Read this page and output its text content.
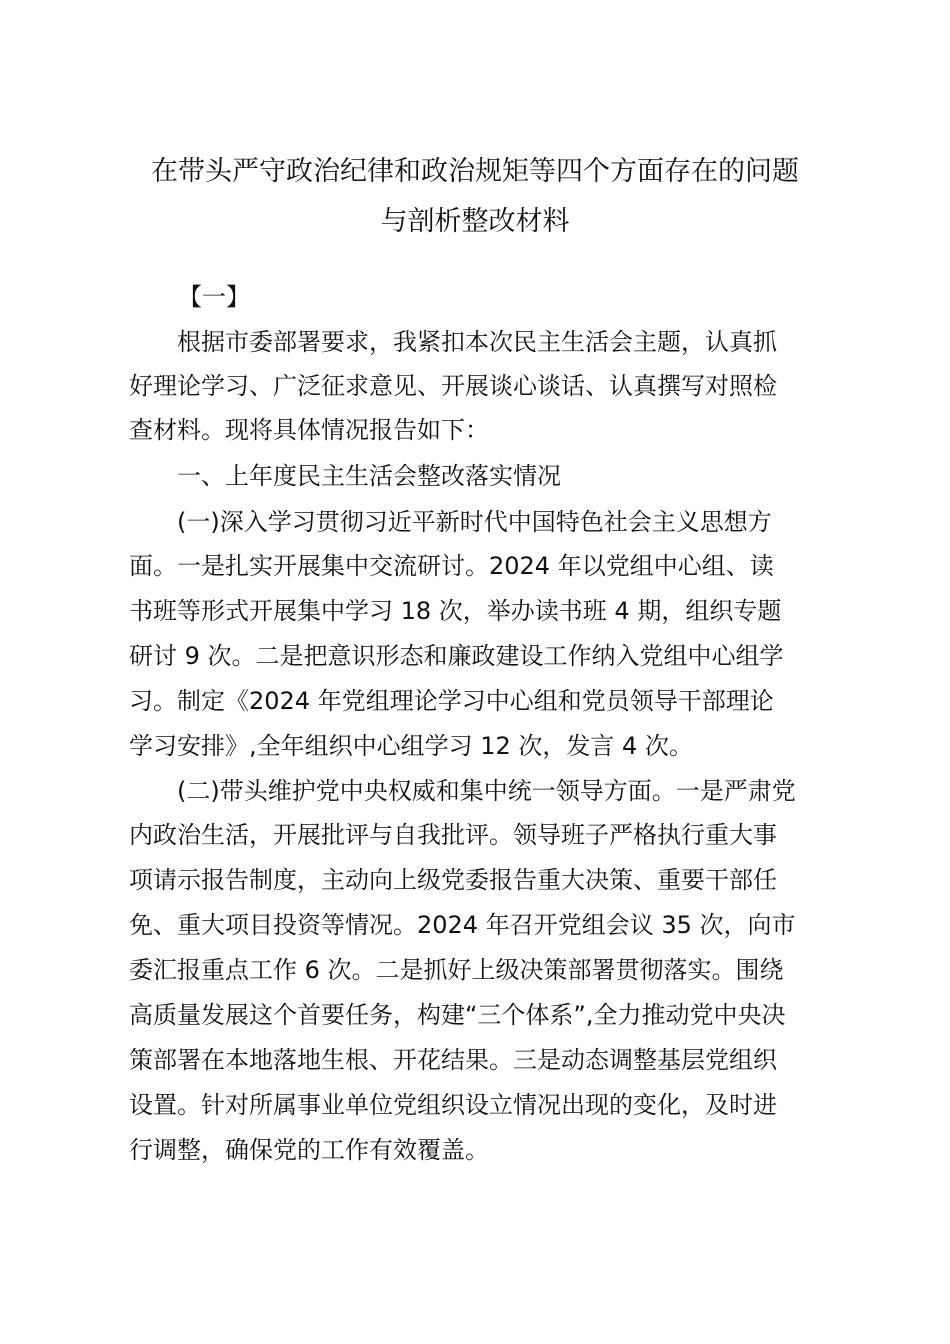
在带头严守政治纪律和政治规矩等四个方面存在的问题
与剖析整改材料
【一】
根据市委部署要求，我紧扣本次民主生活会主题，认真抓
好理论学习、广泛征求意见、开展谈心谈话、认真撰写对照检
查材料。现将具体情况报告如下：
一、上年度民主生活会整改落实情况
(一)深入学习贯彻习近平新时代中国特色社会主义思想方
面。一是扎实开展集中交流研讨。2024 年以党组中心组、读
书班等形式开展集中学习 18 次，举办读书班 4 期，组织专题
研讨 9 次。二是把意识形态和廉政建设工作纳入党组中心组学
习。制定《2024 年党组理论学习中心组和党员领导干部理论
学习安排》,全年组织中心组学习 12 次，发言 4 次。
(二)带头维护党中央权威和集中统一领导方面。一是严肃党
内政治生活，开展批评与自我批评。领导班子严格执行重大事
项请示报告制度，主动向上级党委报告重大决策、重要干部任
免、重大项目投资等情况。2024 年召开党组会议 35 次，向市
委汇报重点工作 6 次。二是抓好上级决策部署贯彻落实。围绕
高质量发展这个首要任务，构建“三个体系”,全力推动党中央决
策部署在本地落地生根、开花结果。三是动态调整基层党组织
设置。针对所属事业单位党组织设立情况出现的变化，及时进
行调整，确保党的工作有效覆盖。
